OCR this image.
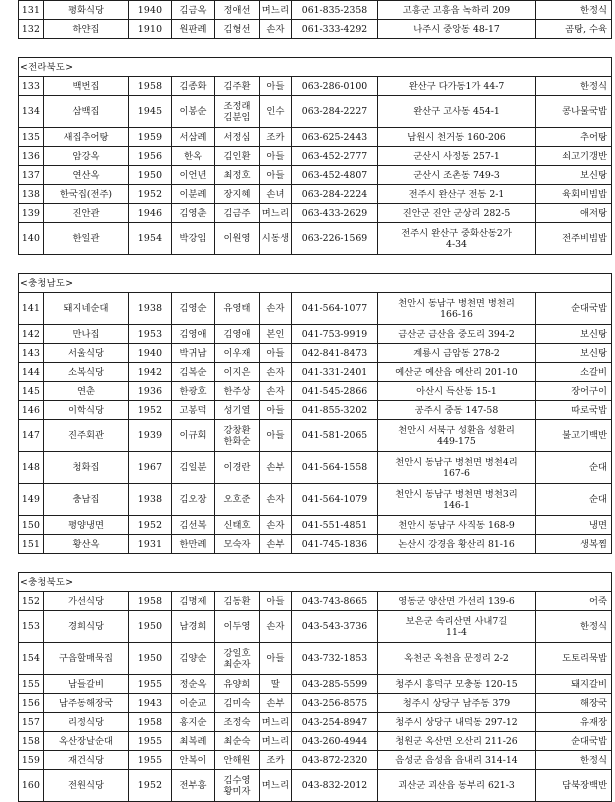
131	평화식당	1940	김금옥	정애선	며느리	061-835-2358	고흥군 고흥읍 녹하리 209	한정식
132	하얀집	1910	원판례	김형선	손자	061-333-4292	나주시 중앙동 48-17	곰탕, 수육

<전라북도>								
133	백번집	1958	김종화	김주환	아들	063-286-0100	완산구 다가동1가 44-7	한정식
134	삼백집	1945	이봉순	조정래
김분임	인수	063-284-2227	완산구 고사동 454-1	콩나물국밥
135	새집추어탕	1959	서삼례	서정심	조카	063-625-2443	남원시 천거동 160-206	추어탕
136	암강옥	1956	한옥	김인환	아들	063-452-2777	군산시 사정동 257-1	쇠고기갱반
137	연산옥	1950	이언년	최정호	아들	063-452-4807	군산시 조촌동 749-3	보신탕
138	한국집(전주)	1952	이분례	장지혜	손녀	063-284-2224	전주시 완산구 전동 2-1	육회비빔밥
139	진안관	1946	김영춘	김금주	며느리	063-433-2629	진안군 진안 군상리 282-5	애저탕
140	한일관	1954	박강임	이원영	시동생	063-226-1569	전주시 완산구 중화산동2가
4-34	전주비빔밥

<충청남도>								
141	돼지네순대	1938	김영순	유영태	손자	041-564-1077	천안시 동남구 병천면 병천리
166-16	순대국밥
142	만나집	1953	김영애	김영애	본인	041-753-9919	금산군 금산읍 중도리 394-2	보신탕
143	서울식당	1940	박귀남	이우재	아들	042-841-8473	계룡시 금암동 278-2	보신탕
144	소복식당	1942	김복순	이지은	손자	041-331-2401	예산군 예산읍 예산리 201-10	소갈비
145	연춘	1936	한광호	한주상	손자	041-545-2866	아산시 득산동 15-1	장어구이
146	이학식당	1952	고봉덕	성기열	아들	041-855-3202	공주시 중동 147-58	따로국밥
147	진주회관	1939	이규회	강창환
한화순	아들	041-581-2065	천안시 서북구 성환읍 성환리
449-175	불고기백반
148	청화집	1967	김일분	이경란	손부	041-564-1558	천안시 동남구 병천면 병천4리
167-6	순대
149	충남집	1938	김오장	오호준	손자	041-564-1079	천안시 동남구 병천면 병천3리
146-1	순대
150	평양냉면	1952	김선복	신태호	손자	041-551-4851	천안시 동남구 사직동 168-9	냉면
151	황산옥	1931	한만례	모숙자	손부	041-745-1836	논산시 강경읍 황산리 81-16	생복찜

<충청북도>								
152	가선식당	1958	김명제	김동환	아들	043-743-8665	영동군 양산면 가선리 139-6	어죽
153	경희식당	1950	남경희	이두영	손자	043-543-3736	보은군 속리산면 사내7길
11-4	한정식
154	구읍할매묵집	1950	김양순	강일호
최순자	아들	043-732-1853	옥천군 옥천읍 문정리 2-2	도토리묵밥
155	남들갈비	1955	정순옥	유양희	딸	043-285-5599	청주시 흥덕구 모충동 120-15	돼지갈비
156	남주동해장국	1943	이순교	김미숙	손부	043-256-8575	청주시 상당구 남주동 379	해장국
157	리정식당	1958	홍지순	조정숙	며느리	043-254-8947	청주시 상당구 내덕동 297-12	유재장
158	옥산장날순대	1955	최복례	최순숙	며느리	043-260-4944	청원군 옥산면 오산리 211-26	순대국밥
159	재건식당	1955	안복이	안해원	조카	043-872-2320	음성군 음성읍 읍내리 314-14	한정식
160	전원식당	1952	전부흥	김수영
황미자	며느리	043-832-2012	괴산군 괴산읍 동부리 621-3	담북장백반
